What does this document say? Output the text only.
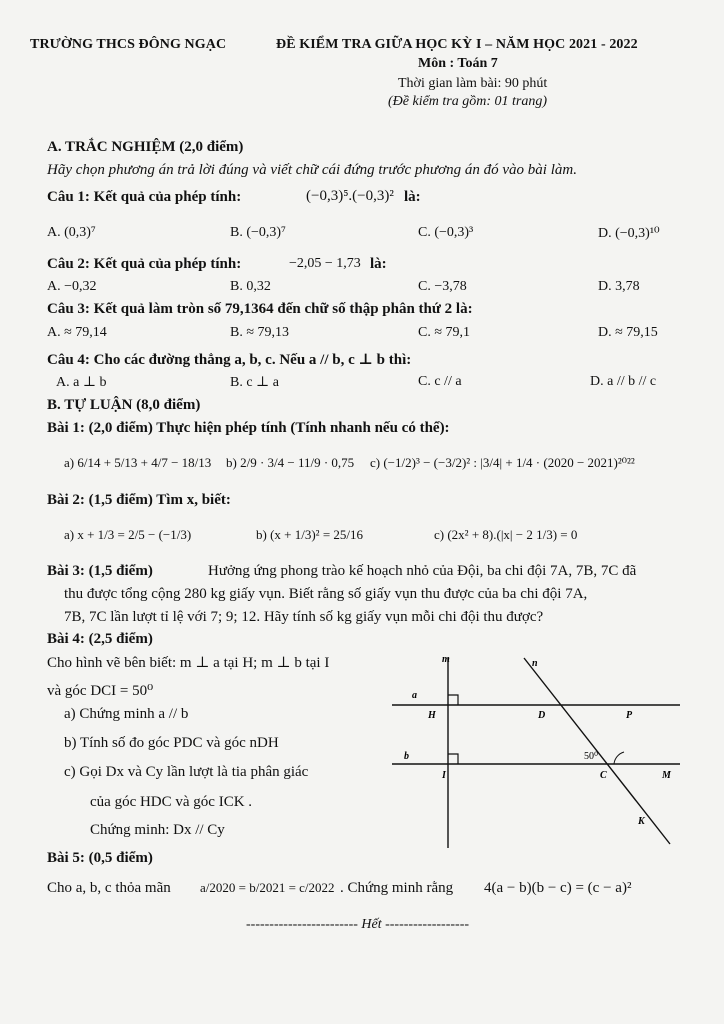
TRƯỜNG THCS ĐÔNG NGẠC	ĐỀ KIỂM TRA GIỮA HỌC KỲ I – NĂM HỌC 2021 - 2022
Môn : Toán 7
Thời gian làm bài: 90 phút
(Đề kiểm tra gồm: 01 trang)
A. TRẮC NGHIỆM (2,0 điểm)
Hãy chọn phương án trả lời đúng và viết chữ cái đứng trước phương án đó vào bài làm.
Câu 1: Kết quả của phép tính:	(−0,3)⁵.(−0,3)² là:
A. (0,3)⁷	B. (−0,3)⁷	C. (−0,3)³	D. (−0,3)¹⁰
Câu 2: Kết quả của phép tính:	−2,05 − 1,73 là:
A. −0,32	B. 0,32	C. −3,78	D. 3,78
Câu 3: Kết quả làm tròn số 79,1364 đến chữ số thập phân thứ 2 là:
A. ≈ 79,14	B. ≈ 79,13	C. ≈ 79,1	D. ≈ 79,15
Câu 4: Cho các đường thẳng a, b, c. Nếu a // b, c ⊥ b thì:
A. a ⊥ b	B. c ⊥ a	C. c // a	D. a // b // c
B. TỰ LUẬN (8,0 điểm)
Bài 1: (2,0 điểm) Thực hiện phép tính (Tính nhanh nếu có thể):
a) 6/14 + 5/13 + 4/7 − 18/13 b) 2/9 · 3/4 − 11/9 · 0,75 c) (−1/2)³ − (−3/2)² : |3/4| + 1/4 · (2020 − 2021)²⁰²²
Bài 2: (1,5 điểm) Tìm x, biết:
a) x + 1/3 = 2/5 − (−1/3)	b) (x + 1/3)² = 25/16	c) (2x² + 8).(|x| − 2 1/3) = 0
Bài 3: (1,5 điểm)	Hưởng ứng phong trào kế hoạch nhỏ của Đội, ba chi đội 7A, 7B, 7C đã
thu được tổng cộng 280 kg giấy vụn. Biết rằng số giấy vụn thu được của ba chi đội 7A,
7B, 7C lần lượt tỉ lệ với 7; 9; 12. Hãy tính số kg giấy vụn mỗi chi đội thu được?
Bài 4: (2,5 điểm)
Cho hình vẽ bên biết: m ⊥ a tại H; m ⊥ b tại I
và góc DCI = 50⁰
a) Chứng minh a // b
b) Tính số đo góc PDC và góc nDH
c) Gọi Dx và Cy lần lượt là tia phân giác
của góc HDC và góc ICK .
Chứng minh: Dx // Cy
m	n
a
H	D	P
b
I	C	M
K
50⁰
Bài 5: (0,5 điểm)
Cho a, b, c thỏa mãn a/2020 = b/2021 = c/2022 . Chứng minh rằng 4(a − b)(b − c) = (c − a)²
------------------------ Hết ------------------
